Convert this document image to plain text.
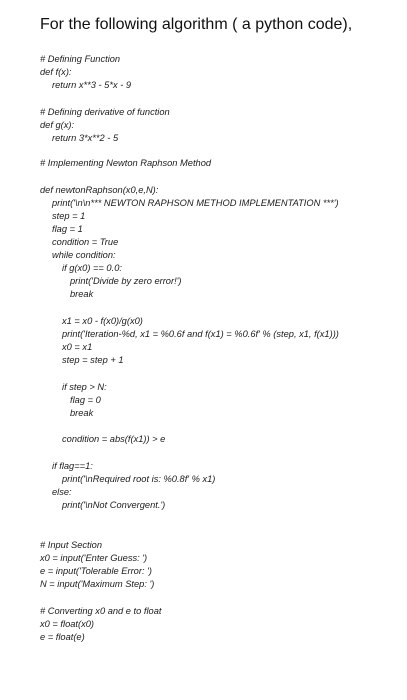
For the following algorithm ( a python code),
# Defining Function
def f(x):
return x**3 - 5*x - 9
# Defining derivative of function
def g(x):
return 3*x**2 - 5
# Implementing Newton Raphson Method
def newtonRaphson(x0,e,N):
print('\n\n*** NEWTON RAPHSON METHOD IMPLEMENTATION ***')
step = 1
flag = 1
condition = True
while condition:
if g(x0) == 0.0:
print('Divide by zero error!')
break
x1 = x0 - f(x0)/g(x0)
print('Iteration-%d, x1 = %0.6f and f(x1) = %0.6f' % (step, x1, f(x1)))
x0 = x1
step = step + 1
if step > N:
flag = 0
break
condition = abs(f(x1)) > e
if flag==1:
print('\nRequired root is: %0.8f' % x1)
else:
print('\nNot Convergent.')
# Input Section
x0 = input('Enter Guess: ')
e = input('Tolerable Error: ')
N = input('Maximum Step: ')
# Converting x0 and e to float
x0 = float(x0)
e = float(e)
